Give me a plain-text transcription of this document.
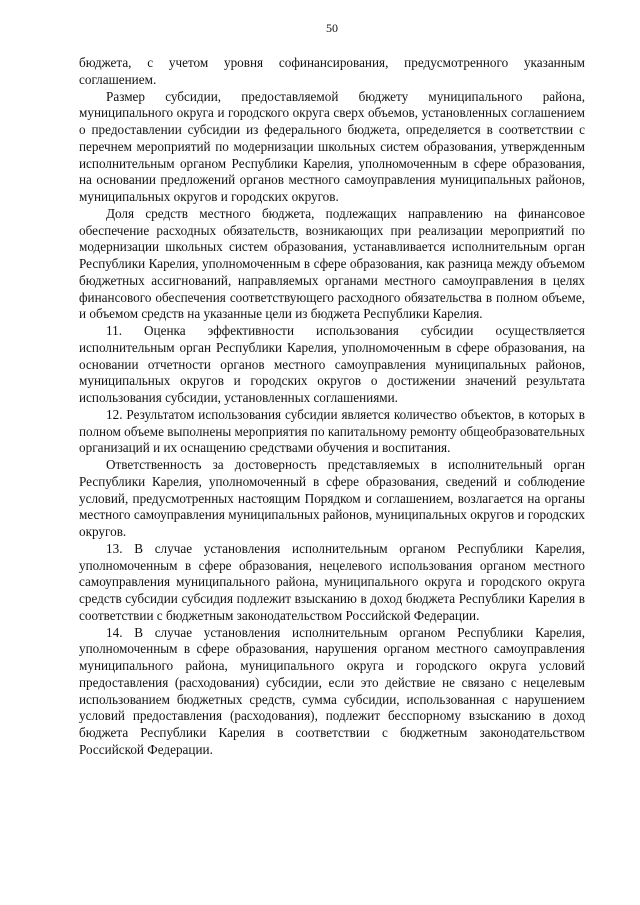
50

бюджета, с учетом уровня софинансирования, предусмотренного указанным соглашением.

Размер субсидии, предоставляемой бюджету муниципального района, муниципального округа и городского округа сверх объемов, установленных соглашением о предоставлении субсидии из федерального бюджета, определяется в соответствии с перечнем мероприятий по модернизации школьных систем образования, утвержденным исполнительным органом Республики Карелия, уполномоченным в сфере образования, на основании предложений органов местного самоуправления муниципальных районов, муниципальных округов и городских округов.

Доля средств местного бюджета, подлежащих направлению на финансовое обеспечение расходных обязательств, возникающих при реализации мероприятий по модернизации школьных систем образования, устанавливается исполнительным орган Республики Карелия, уполномоченным в сфере образования, как разница между объемом бюджетных ассигнований, направляемых органами местного самоуправления в целях финансового обеспечения соответствующего расходного обязательства в полном объеме, и объемом средств на указанные цели из бюджета Республики Карелия.

11. Оценка эффективности использования субсидии осуществляется исполнительным орган Республики Карелия, уполномоченным в сфере образования, на основании отчетности органов местного самоуправления муниципальных районов, муниципальных округов и городских округов о достижении значений результата использования субсидии, установленных соглашениями.

12. Результатом использования субсидии является количество объектов, в которых в полном объеме выполнены мероприятия по капитальному ремонту общеобразовательных организаций и их оснащению средствами обучения и воспитания.

Ответственность за достоверность представляемых в исполнительный орган Республики Карелия, уполномоченный в сфере образования, сведений и соблюдение условий, предусмотренных настоящим Порядком и соглашением, возлагается на органы местного самоуправления муниципальных районов, муниципальных округов и городских округов.

13. В случае установления исполнительным органом Республики Карелия, уполномоченным в сфере образования, нецелевого использования органом местного самоуправления муниципального района, муниципального округа и городского округа средств субсидии субсидия подлежит взысканию в доход бюджета Республики Карелия в соответствии с бюджетным законодательством Российской Федерации.

14. В случае установления исполнительным органом Республики Карелия, уполномоченным в сфере образования, нарушения органом местного самоуправления муниципального района, муниципального округа и городского округа условий предоставления (расходования) субсидии, если это действие не связано с нецелевым использованием бюджетных средств, сумма субсидии, использованная с нарушением условий предоставления (расходования), подлежит бесспорному взысканию в доход бюджета Республики Карелия в соответствии с бюджетным законодательством Российской Федерации.
